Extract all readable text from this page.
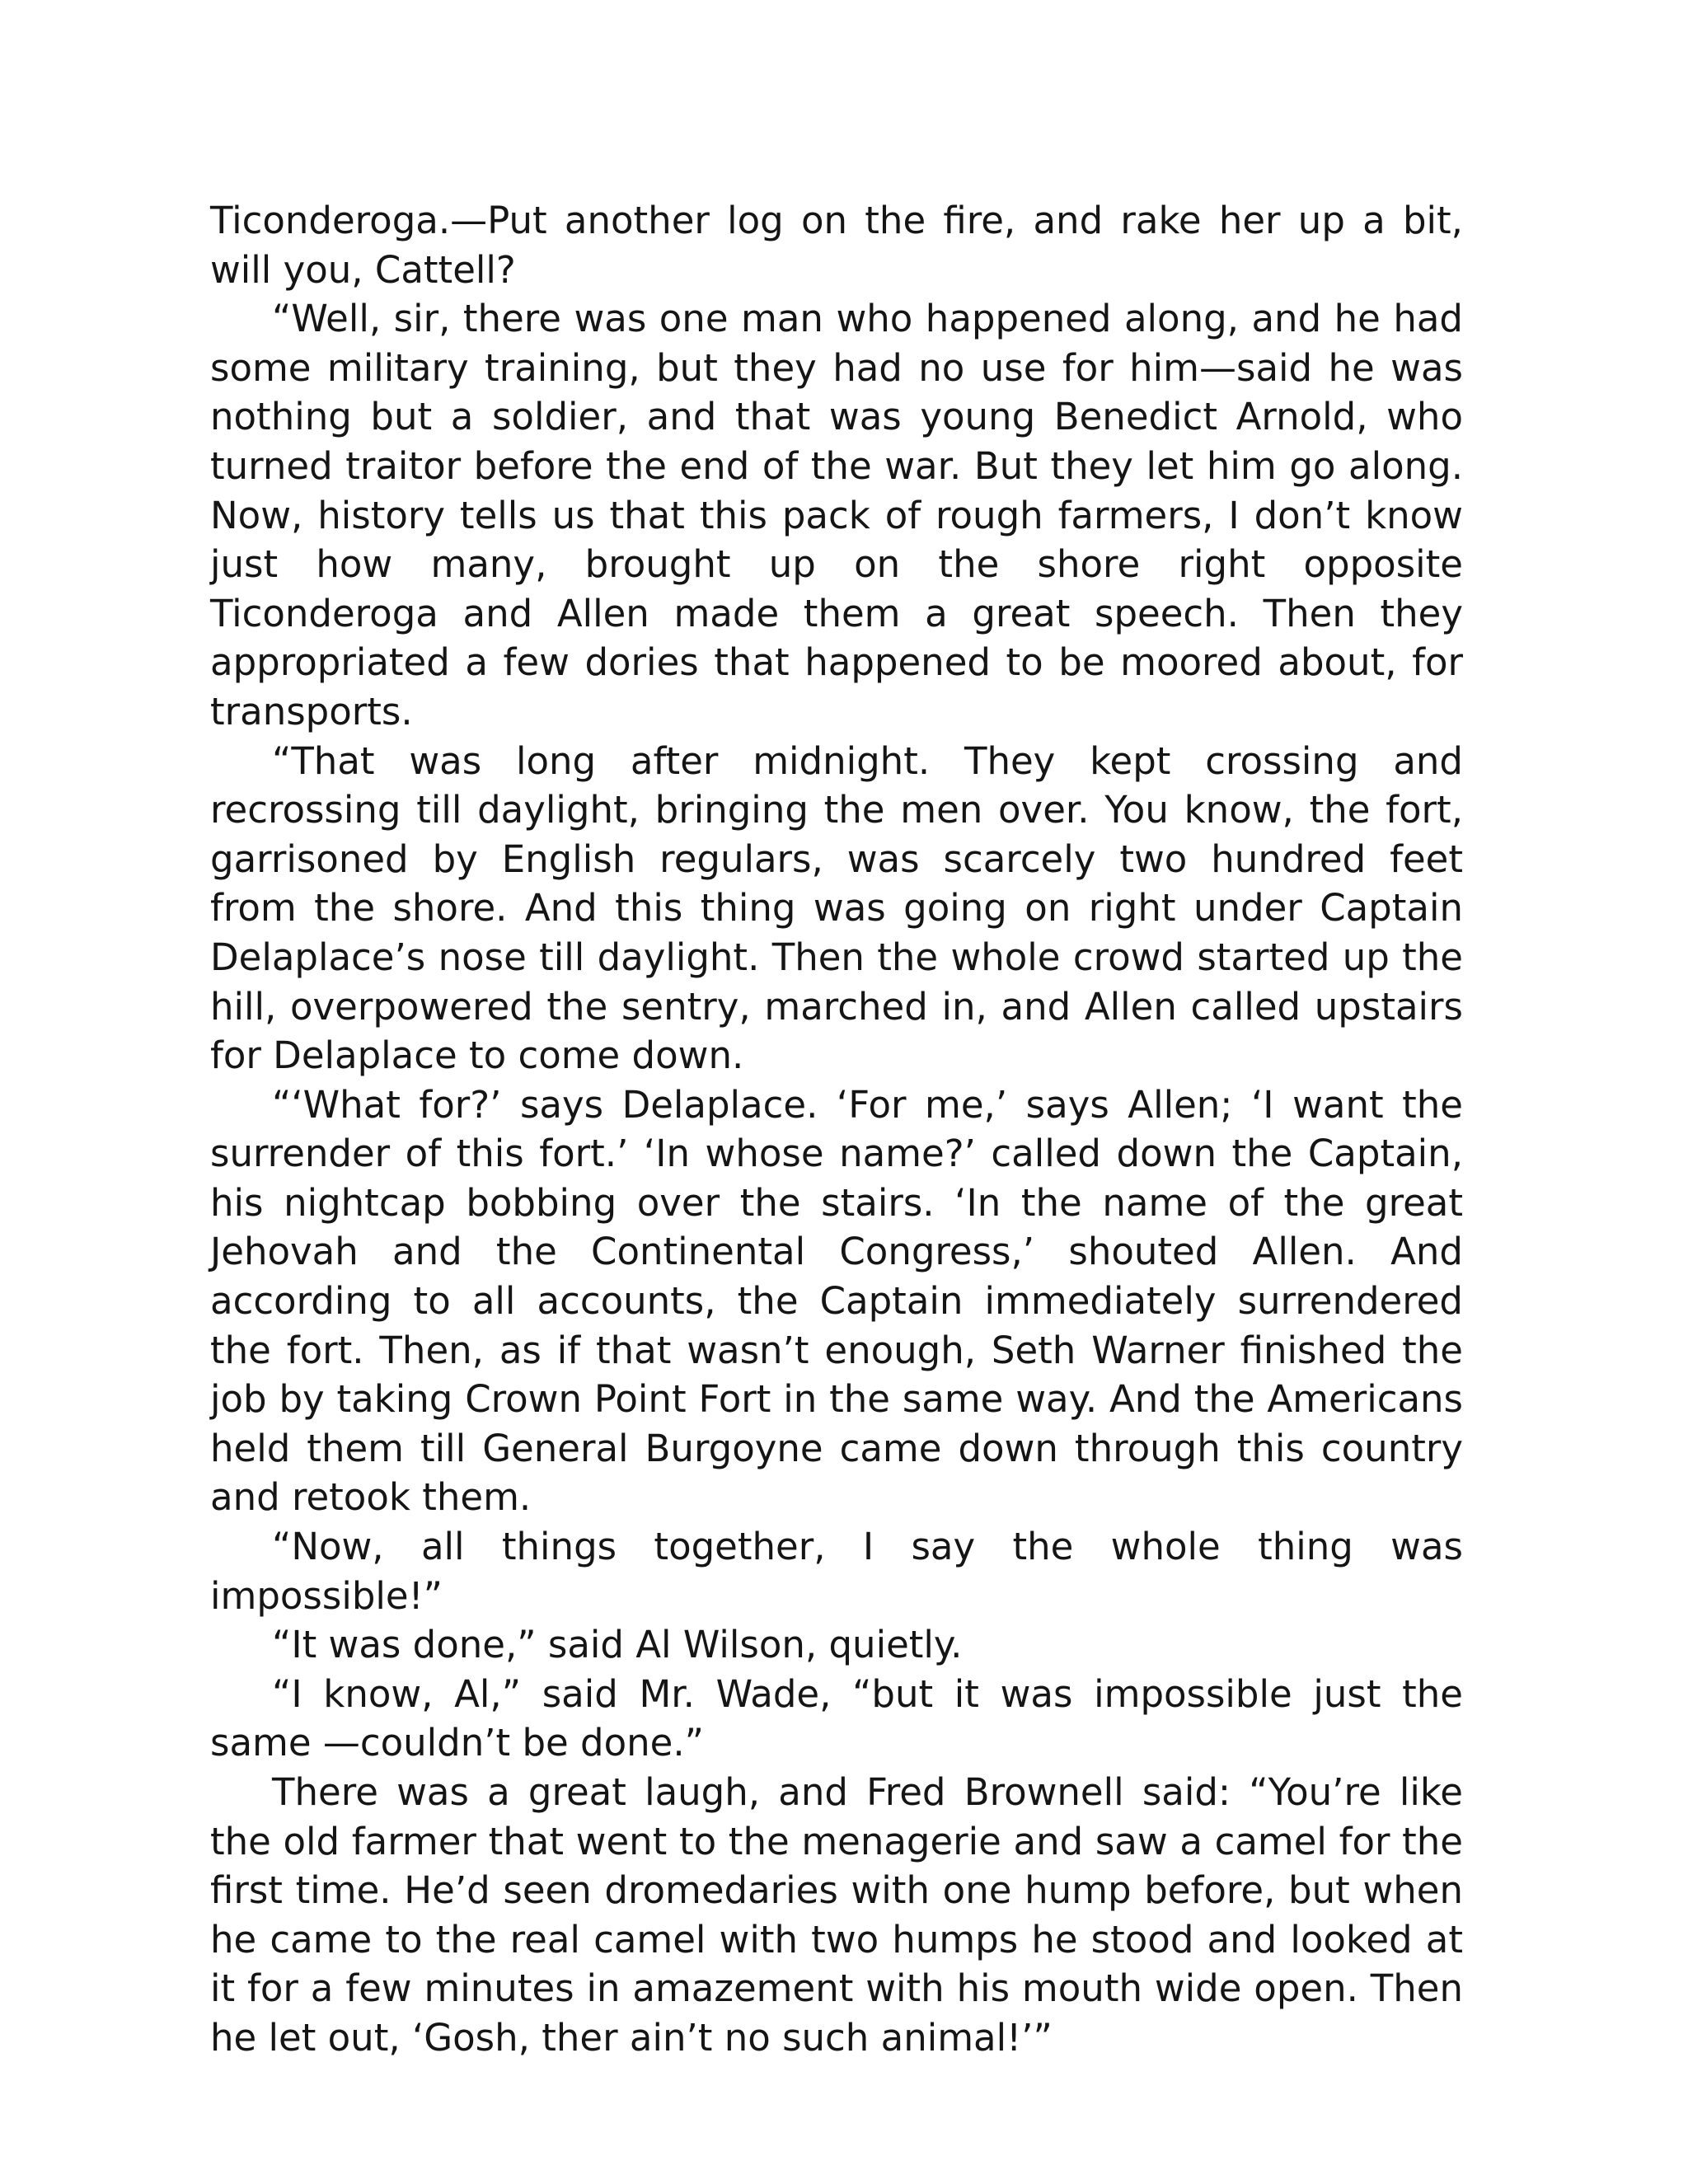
Ticonderoga.—Put another log on the fire, and rake her up a bit, will you, Cattell?

“Well, sir, there was one man who happened along, and he had some military training, but they had no use for him—said he was nothing but a soldier, and that was young Benedict Arnold, who turned traitor before the end of the war. But they let him go along. Now, history tells us that this pack of rough farmers, I don’t know just how many, brought up on the shore right opposite Ticonderoga and Allen made them a great speech. Then they appropriated a few dories that happened to be moored about, for transports.

“That was long after midnight. They kept crossing and recrossing till daylight, bringing the men over. You know, the fort, garrisoned by English regulars, was scarcely two hundred feet from the shore. And this thing was going on right under Captain Delaplace’s nose till daylight. Then the whole crowd started up the hill, overpowered the sentry, marched in, and Allen called upstairs for Delaplace to come down.

“‘What for?’ says Delaplace. ‘For me,’ says Allen; ‘I want the surrender of this fort.’ ‘In whose name?’ called down the Captain, his nightcap bobbing over the stairs. ‘In the name of the great Jehovah and the Continental Congress,’ shouted Allen. And according to all accounts, the Captain immediately surrendered the fort. Then, as if that wasn’t enough, Seth Warner finished the job by taking Crown Point Fort in the same way. And the Americans held them till General Burgoyne came down through this country and retook them.

“Now, all things together, I say the whole thing was impossible!”

“It was done,” said Al Wilson, quietly.

“I know, Al,” said Mr. Wade, “but it was impossible just the same —couldn’t be done.”

There was a great laugh, and Fred Brownell said: “You’re like the old farmer that went to the menagerie and saw a camel for the first time. He’d seen dromedaries with one hump before, but when he came to the real camel with two humps he stood and looked at it for a few minutes in amazement with his mouth wide open. Then he let out, ‘Gosh, ther ain’t no such animal!’”
